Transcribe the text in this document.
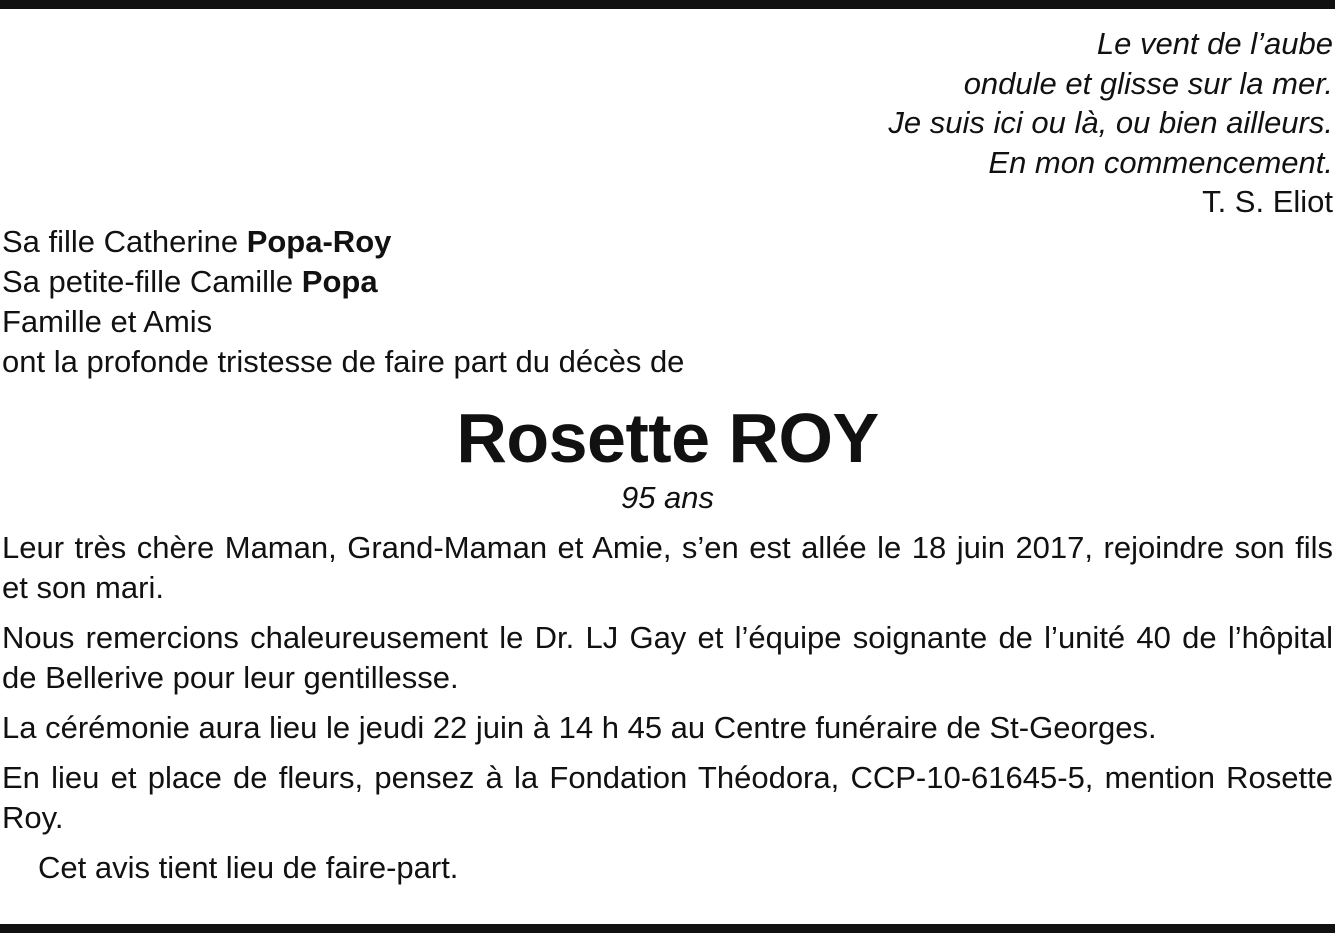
Le vent de l’aube
ondule et glisse sur la mer.
Je suis ici ou là, ou bien ailleurs.
En mon commencement.
T. S. Eliot
Sa fille Catherine Popa-Roy
Sa petite-fille Camille Popa
Famille et Amis
ont la profonde tristesse de faire part du décès de
Rosette ROY
95 ans

Leur très chère Maman, Grand-Maman et Amie, s’en est allée le 18 juin 2017, rejoindre son fils et son mari.

Nous remercions chaleureusement le Dr. LJ Gay et l’équipe soignante de l’unité 40 de l’hôpital de Bellerive pour leur gentillesse.

La cérémonie aura lieu le jeudi 22 juin à 14 h 45 au Centre funéraire de St-Georges.

En lieu et place de fleurs, pensez à la Fondation Théodora, CCP-10-61645-5, mention Rosette Roy.

Cet avis tient lieu de faire-part.
